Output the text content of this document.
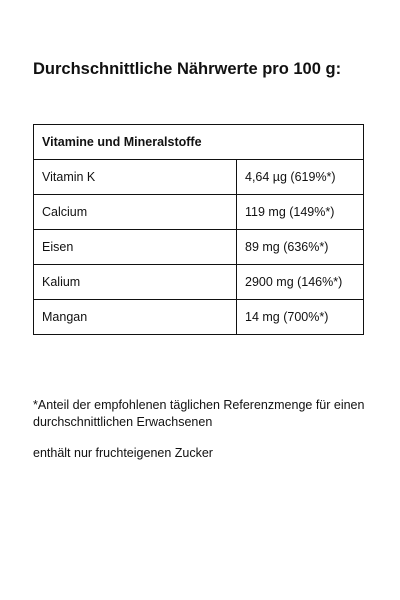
Durchschnittliche Nährwerte pro 100 g:
Vitamine und Mineralstoffe	
Vitamin K	4,64 µg (619%*)
Calcium	119 mg (149%*)
Eisen	89 mg (636%*)
Kalium	2900 mg (146%*)
Mangan	14 mg (700%*)

*Anteil der empfohlenen täglichen Referenzmenge für einen durchschnittlichen Erwachsenen

enthält nur fruchteigenen Zucker
